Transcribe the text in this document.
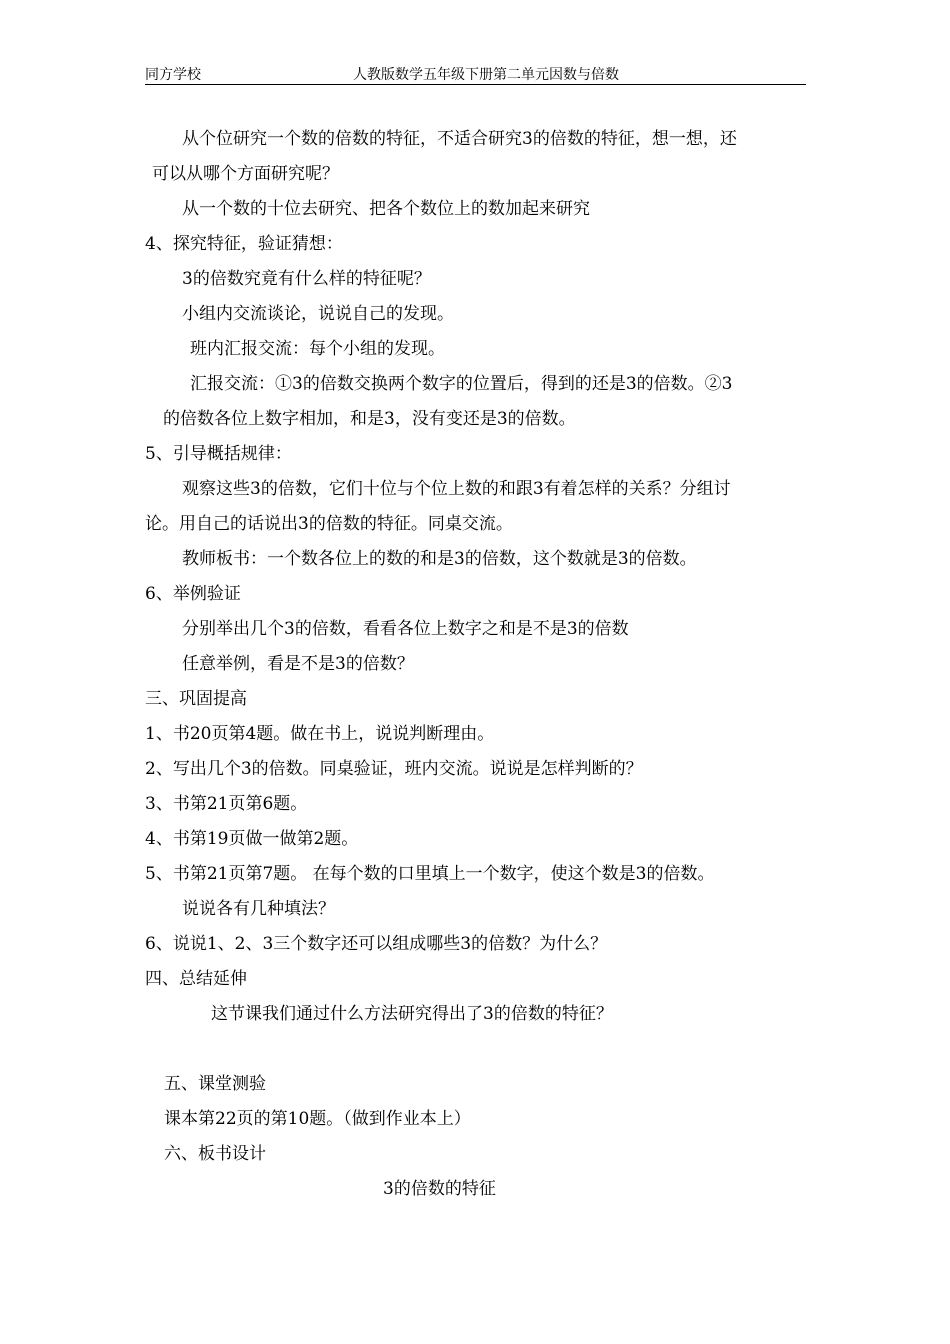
同方学校	人教版数学五年级下册第二单元因数与倍数
从个位研究一个数的倍数的特征，不适合研究3的倍数的特征，想一想，还
可以从哪个方面研究呢？
从一个数的十位去研究、把各个数位上的数加起来研究
4、探究特征，验证猜想：
3的倍数究竟有什么样的特征呢？
小组内交流谈论，说说自己的发现。
班内汇报交流：每个小组的发现。
汇报交流：①3的倍数交换两个数字的位置后，得到的还是3的倍数。②3
的倍数各位上数字相加，和是3，没有变还是3的倍数。
5、引导概括规律：
观察这些3的倍数，它们十位与个位上数的和跟3有着怎样的关系？分组讨
论。用自己的话说出3的倍数的特征。同桌交流。
教师板书：一个数各位上的数的和是3的倍数，这个数就是3的倍数。
6、举例验证
分别举出几个3的倍数，看看各位上数字之和是不是3的倍数
任意举例，看是不是3的倍数？
三、巩固提高
1、书20页第4题。做在书上，说说判断理由。
2、写出几个3的倍数。同桌验证，班内交流。说说是怎样判断的？
3、书第21页第6题。
4、书第19页做一做第2题。
5、书第21页第7题。 在每个数的口里填上一个数字，使这个数是3的倍数。
说说各有几种填法？
6、说说1、2、3三个数字还可以组成哪些3的倍数？为什么？
四、总结延伸
这节课我们通过什么方法研究得出了3的倍数的特征？
五、课堂测验
课本第22页的第10题。（做到作业本上）
六、板书设计
3的倍数的特征
